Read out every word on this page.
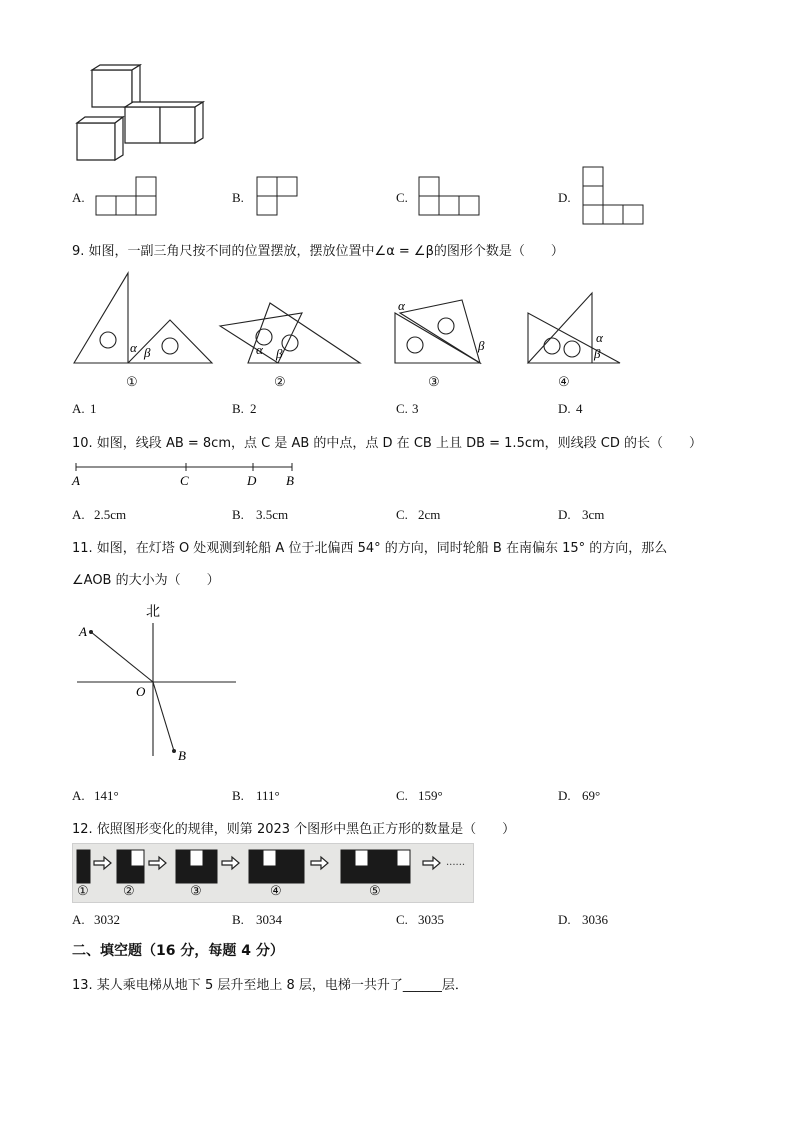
A.	B.	C.	D.
9. 如图，一副三角尺按不同的位置摆放，摆放位置中∠α = ∠β的图形个数是（　　）
α β	α β
α
β
α
β
①	②	③	④
A. 1	B. 2	C. 3	D. 4
10. 如图，线段 AB = 8cm，点 C 是 AB 的中点，点 D 在 CB 上且 DB = 1.5cm，则线段 CD 的长（　　）
A	C	D B
A. 2.5cm	B. 3.5cm	C. 2cm	D. 3cm
11. 如图，在灯塔 O 处观测到轮船 A 位于北偏西 54° 的方向，同时轮船 B 在南偏东 15° 的方向，那么
∠AOB 的大小为（　　）
北
A
O
B
A. 141°	B. 111°	C. 159°	D. 69°
12. 依照图形变化的规律，则第 2023 个图形中黑色正方形的数量是（　　）
......
①	②	③	④	⑤
A. 3032	B. 3034	C. 3035	D. 3036
二、填空题（16 分，每题 4 分）
13. 某人乘电梯从地下 5 层升至地上 8 层，电梯一共升了______层．
